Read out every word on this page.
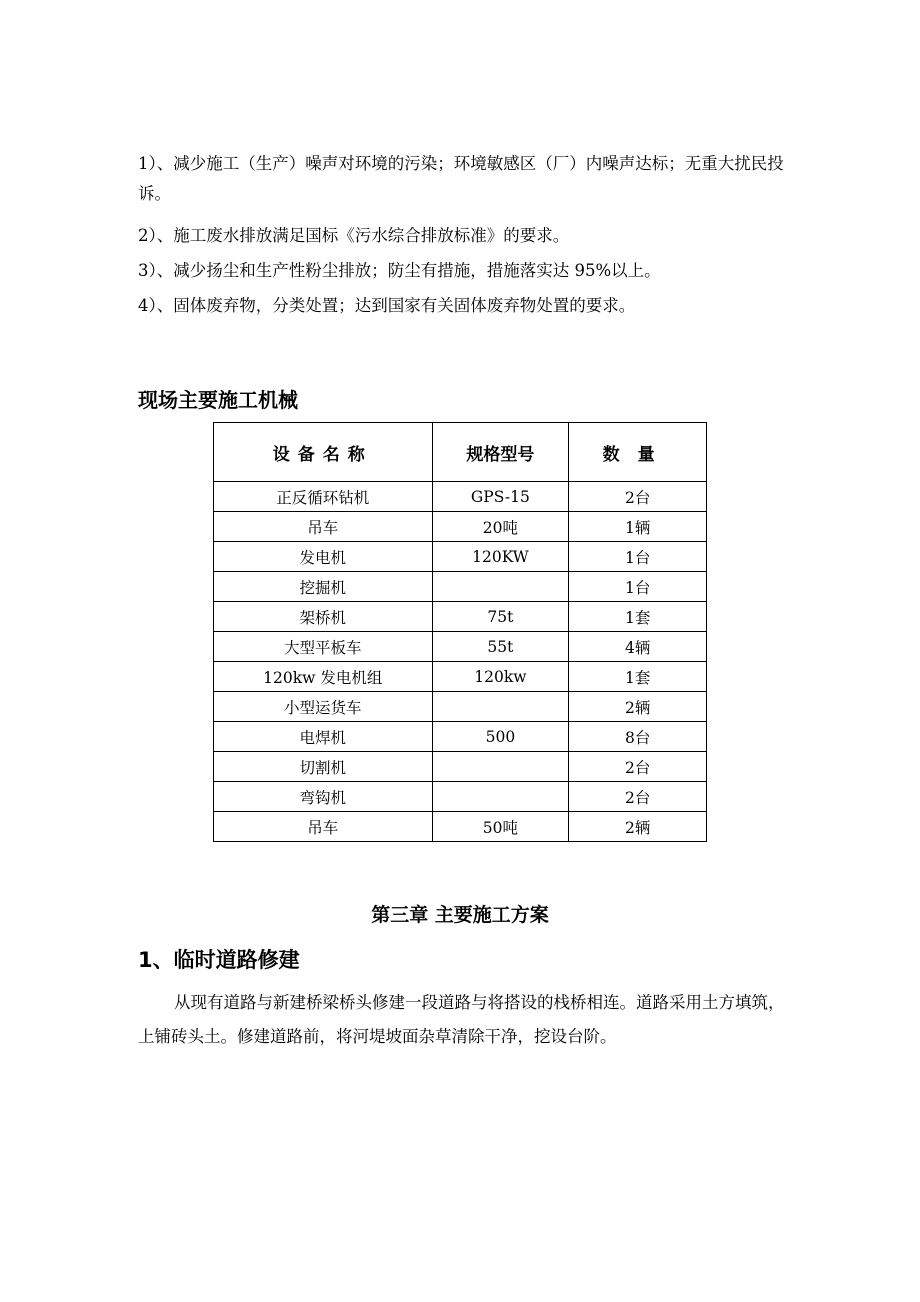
1）、减少施工（生产）噪声对环境的污染；环境敏感区（厂）内噪声达标；无重大扰民投诉。
2）、施工废水排放满足国标《污水综合排放标准》的要求。
3）、减少扬尘和生产性粉尘排放；防尘有措施，措施落实达 95%以上。
4）、固体废弃物，分类处置；达到国家有关固体废弃物处置的要求。
现场主要施工机械
设备名称	规格型号	数量
正反循环钻机	GPS-15	2台
吊车	20吨	1辆
发电机	120KW	1台
挖掘机		1台
架桥机	75t	1套
大型平板车	55t	4辆
120kw 发电机组	120kw	1套
小型运货车		2辆
电焊机	500	8台
切割机		2台
弯钩机		2台
吊车	50吨	2辆
第三章 主要施工方案
1、临时道路修建
从现有道路与新建桥梁桥头修建一段道路与将搭设的栈桥相连。道路采用土方填筑，上铺砖头土。修建道路前，将河堤坡面杂草清除干净，挖设台阶。
